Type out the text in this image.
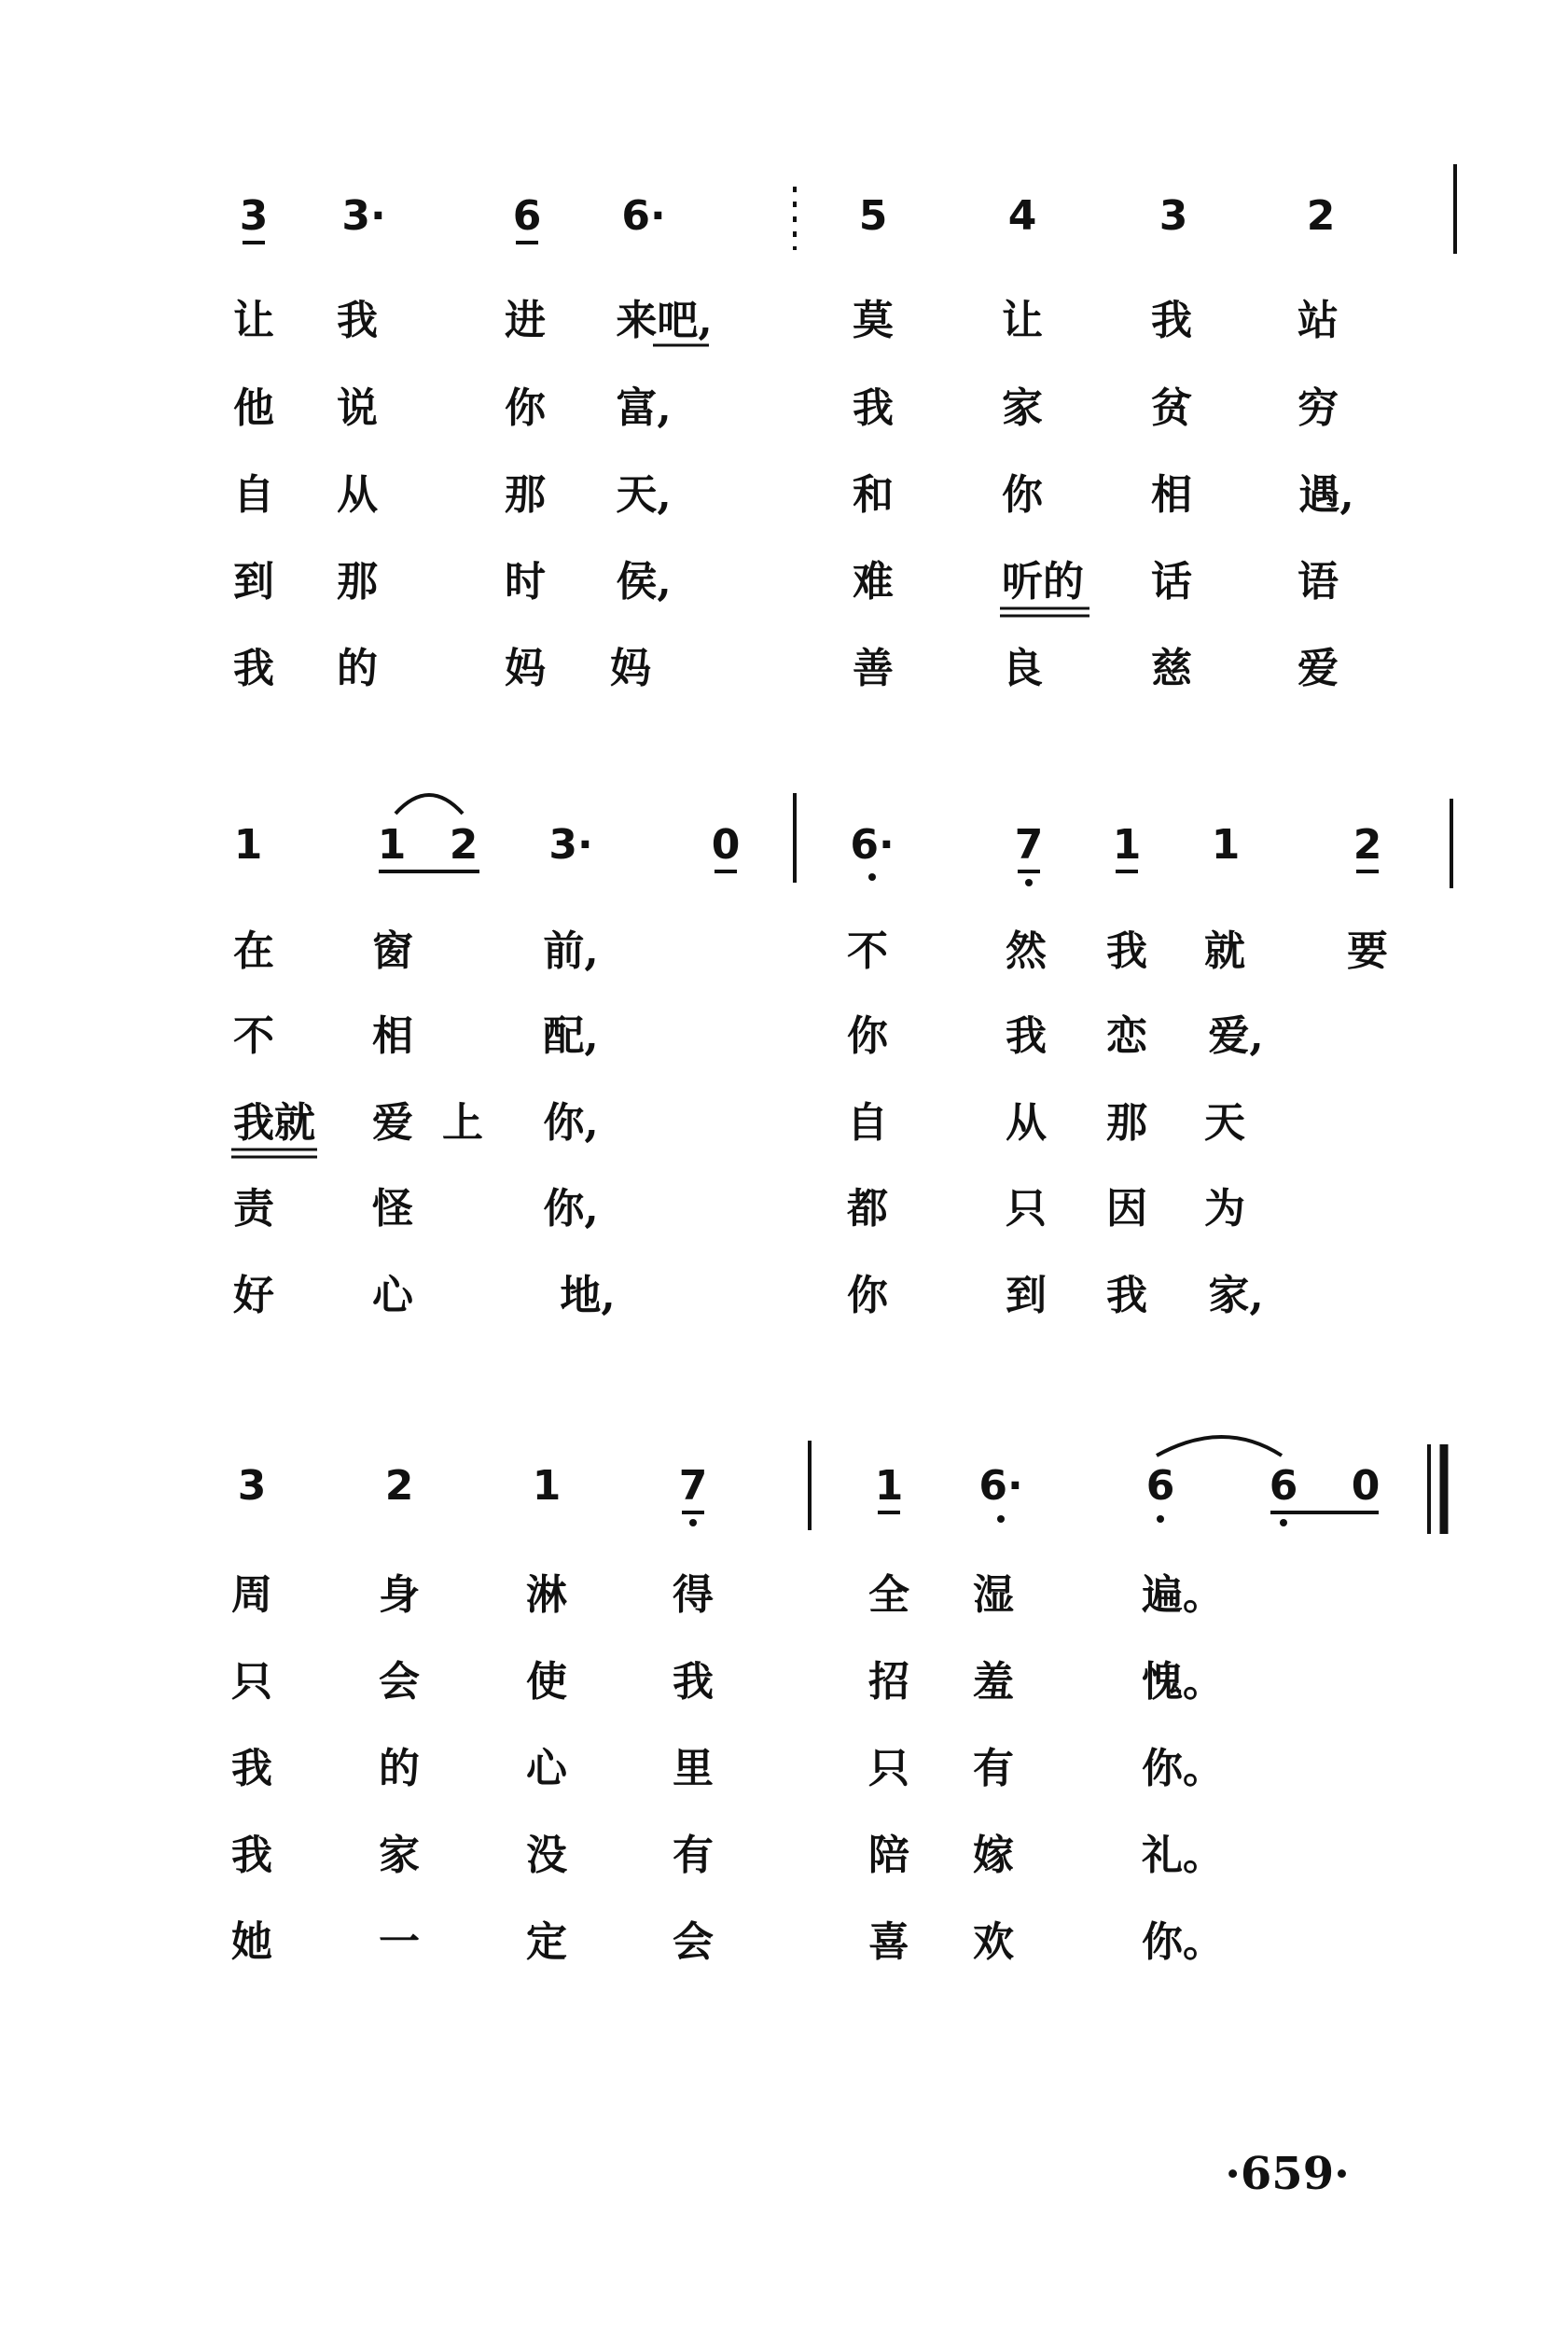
3 3·	6 6·	5	4	3	2
让 我	进 来吧,	莫	让	我	站
他 说	你 富,	我	家	贫	穷
自 从	那 天,	和	你	相	遇,
到 那	时 侯,	难	听的 话	语
我 的	妈 妈	善	良	慈	爱
1	1 2 3·	0	6·	7 1 1	2
在 窗	前,	不	然 我 就 要
不 相	配,	你	我 恋 爱,
我就 爱 上 你,	自	从 那 天
责 怪	你,	都	只 因 为
好 心	地,	你	到 我 家,
3	2	1	7	1 6·	6 6 0
周	身	淋	得	全 湿	遍。
只	会	使	我	招 羞	愧。
我	的	心	里	只 有	你。
我	家	没	有	陪 嫁	礼。
她	一	定	会	喜 欢	你。
·659·
